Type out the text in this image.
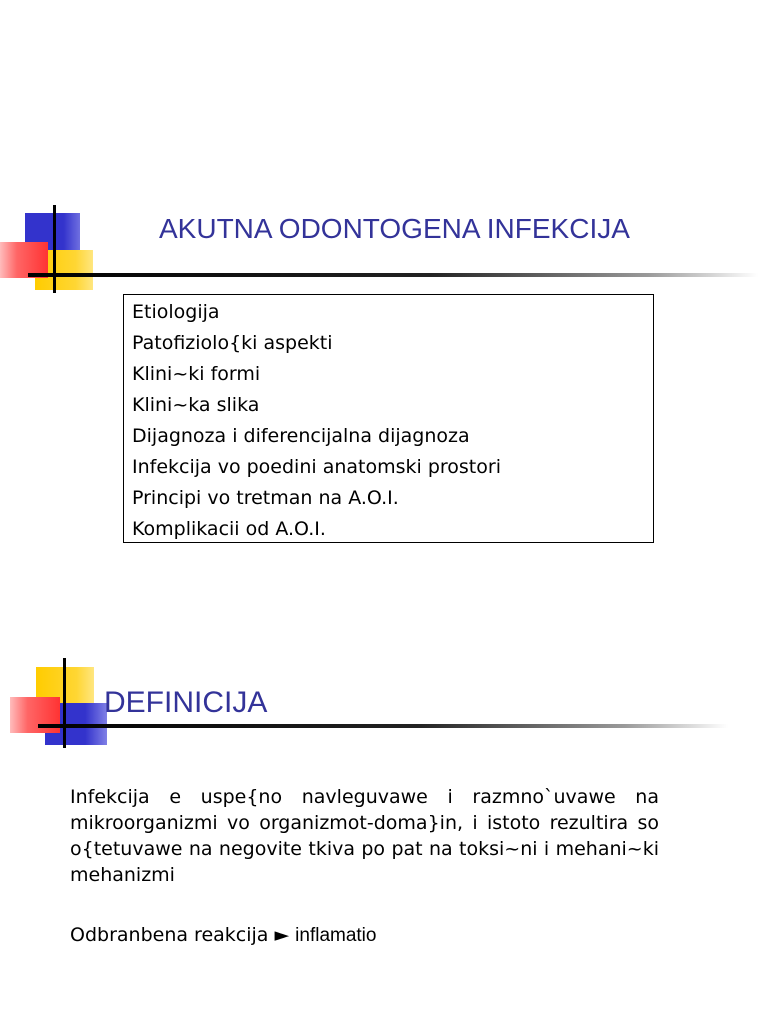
AKUTNA ODONTOGENA INFEKCIJA
Etiologija
Patofiziolo{ki aspekti
Klini~ki formi
Klini~ka slika
Dijagnoza i diferencijalna dijagnoza
Infekcija vo poedini anatomski prostori
Principi vo tretman na A.O.I.
Komplikacii od A.O.I.
DEFINICIJA
Infekcija e uspe{no navleguvawe i razmno`uvawe na mikroorganizmi vo organizmot-doma}in, i istoto rezultira so o{tetuvawe na negovite tkiva po pat na toksi~ni i mehani~ki mehanizmi
Odbranbena reakcija ► inflamatio
